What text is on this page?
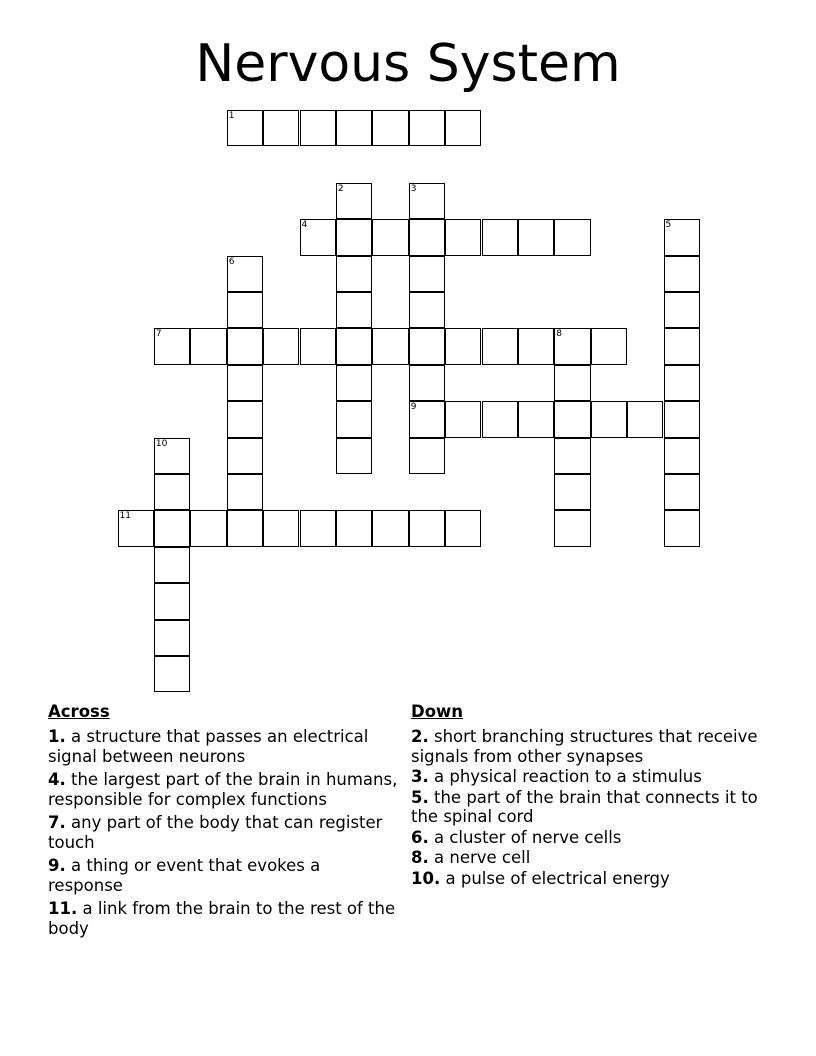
Nervous System
1
2	3
9
4	5
6
7	8
10
11
Across
1. a structure that passes an electrical signal between neurons
4. the largest part of the brain in humans, responsible for complex functions
7. any part of the body that can register touch
9. a thing or event that evokes a response
11. a link from the brain to the rest of the body
Down
2. short branching structures that receive signals from other synapses
3. a physical reaction to a stimulus
5. the part of the brain that connects it to the spinal cord
6. a cluster of nerve cells
8. a nerve cell
10. a pulse of electrical energy
